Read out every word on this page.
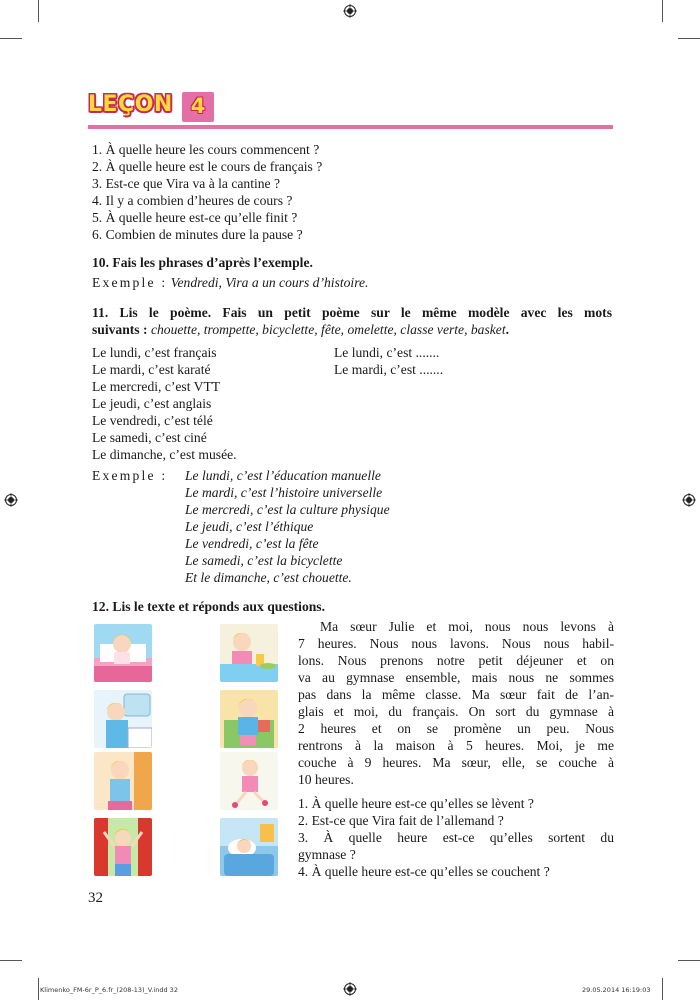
LEÇON 4
1. À quelle heure les cours commencent ?
2. À quelle heure est le cours de français ?
3. Est-ce que Vira va à la cantine ?
4. Il y a combien d’heures de cours ?
5. À quelle heure est-ce qu’elle finit ?
6. Combien de minutes dure la pause ?
10. Fais les phrases d’après l’exemple.
Exemple : Vendredi, Vira a un cours d’histoire.
11. Lis le poème. Fais un petit poème sur le même modèle avec les mots
suivants : chouette, trompette, bicyclette, fête, omelette, classe verte, basket.
Le lundi, c’est français
Le mardi, c’est karaté
Le mercredi, c’est VTT
Le jeudi, c’est anglais
Le vendredi, c’est télé
Le samedi, c’est ciné
Le dimanche, c’est musée.
Le lundi, c’est .......
Le mardi, c’est .......
Exemple : Le lundi, c’est l’éducation manuelle
Le mardi, c’est l’histoire universelle
Le mercredi, c’est la culture physique
Le jeudi, c’est l’éthique
Le vendredi, c’est la fête
Le samedi, c’est la bicyclette
Et le dimanche, c’est chouette.
12. Lis le texte et réponds aux questions.
Ma sœur Julie et moi, nous nous levons à
7 heures. Nous nous lavons. Nous nous habil-
lons. Nous prenons notre petit déjeuner et on
va au gymnase ensemble, mais nous ne sommes
pas dans la même classe. Ma sœur fait de l’an-
glais et moi, du français. On sort du gymnase à
2 heures et on se promène un peu. Nous
rentrons à la maison à 5 heures. Moi, je me
couche à 9 heures. Ma sœur, elle, se couche à
10 heures.
1. À quelle heure est-ce qu’elles se lèvent ?
2. Est-ce que Vira fait de l’allemand ?
3. À quelle heure est-ce qu’elles sortent du
gymnase ?
4. À quelle heure est-ce qu’elles se couchent ?
32
Klimenko_FM-6r_P_6.fr_(208-13)_V.indd 32	29.05.2014 16:19:03
